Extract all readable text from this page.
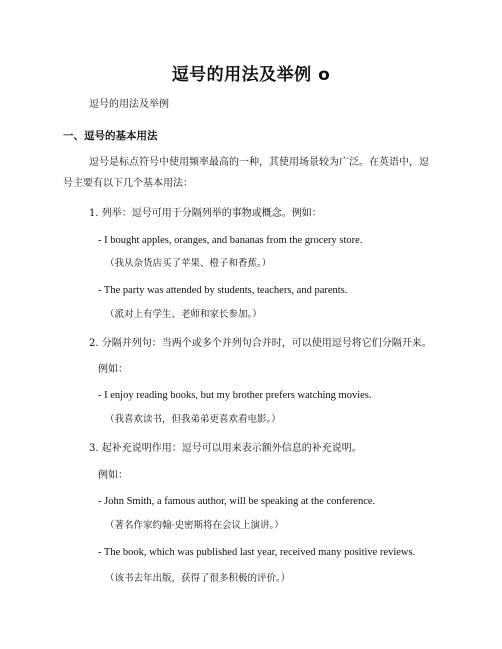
逗号的用法及举例 o
逗号的用法及举例
一、逗号的基本用法
逗号是标点符号中使用频率最高的一种，其使用场景较为广泛。在英语中，逗
号主要有以下几个基本用法：
1. 列举：逗号可用于分隔列举的事物或概念。例如：
- I bought apples, oranges, and bananas from the grocery store.
（我从杂货店买了苹果、橙子和香蕉。）
- The party was attended by students, teachers, and parents.
（派对上有学生、老师和家长参加。）
2. 分隔并列句：当两个或多个并列句合并时，可以使用逗号将它们分隔开来。
例如：
- I enjoy reading books, but my brother prefers watching movies.
（我喜欢读书，但我弟弟更喜欢看电影。）
3. 起补充说明作用：逗号可以用来表示额外信息的补充说明。
例如：
- John Smith, a famous author, will be speaking at the conference.
（著名作家约翰·史密斯将在会议上演讲。）
- The book, which was published last year, received many positive reviews.
（该书去年出版，获得了很多积极的评价。）
